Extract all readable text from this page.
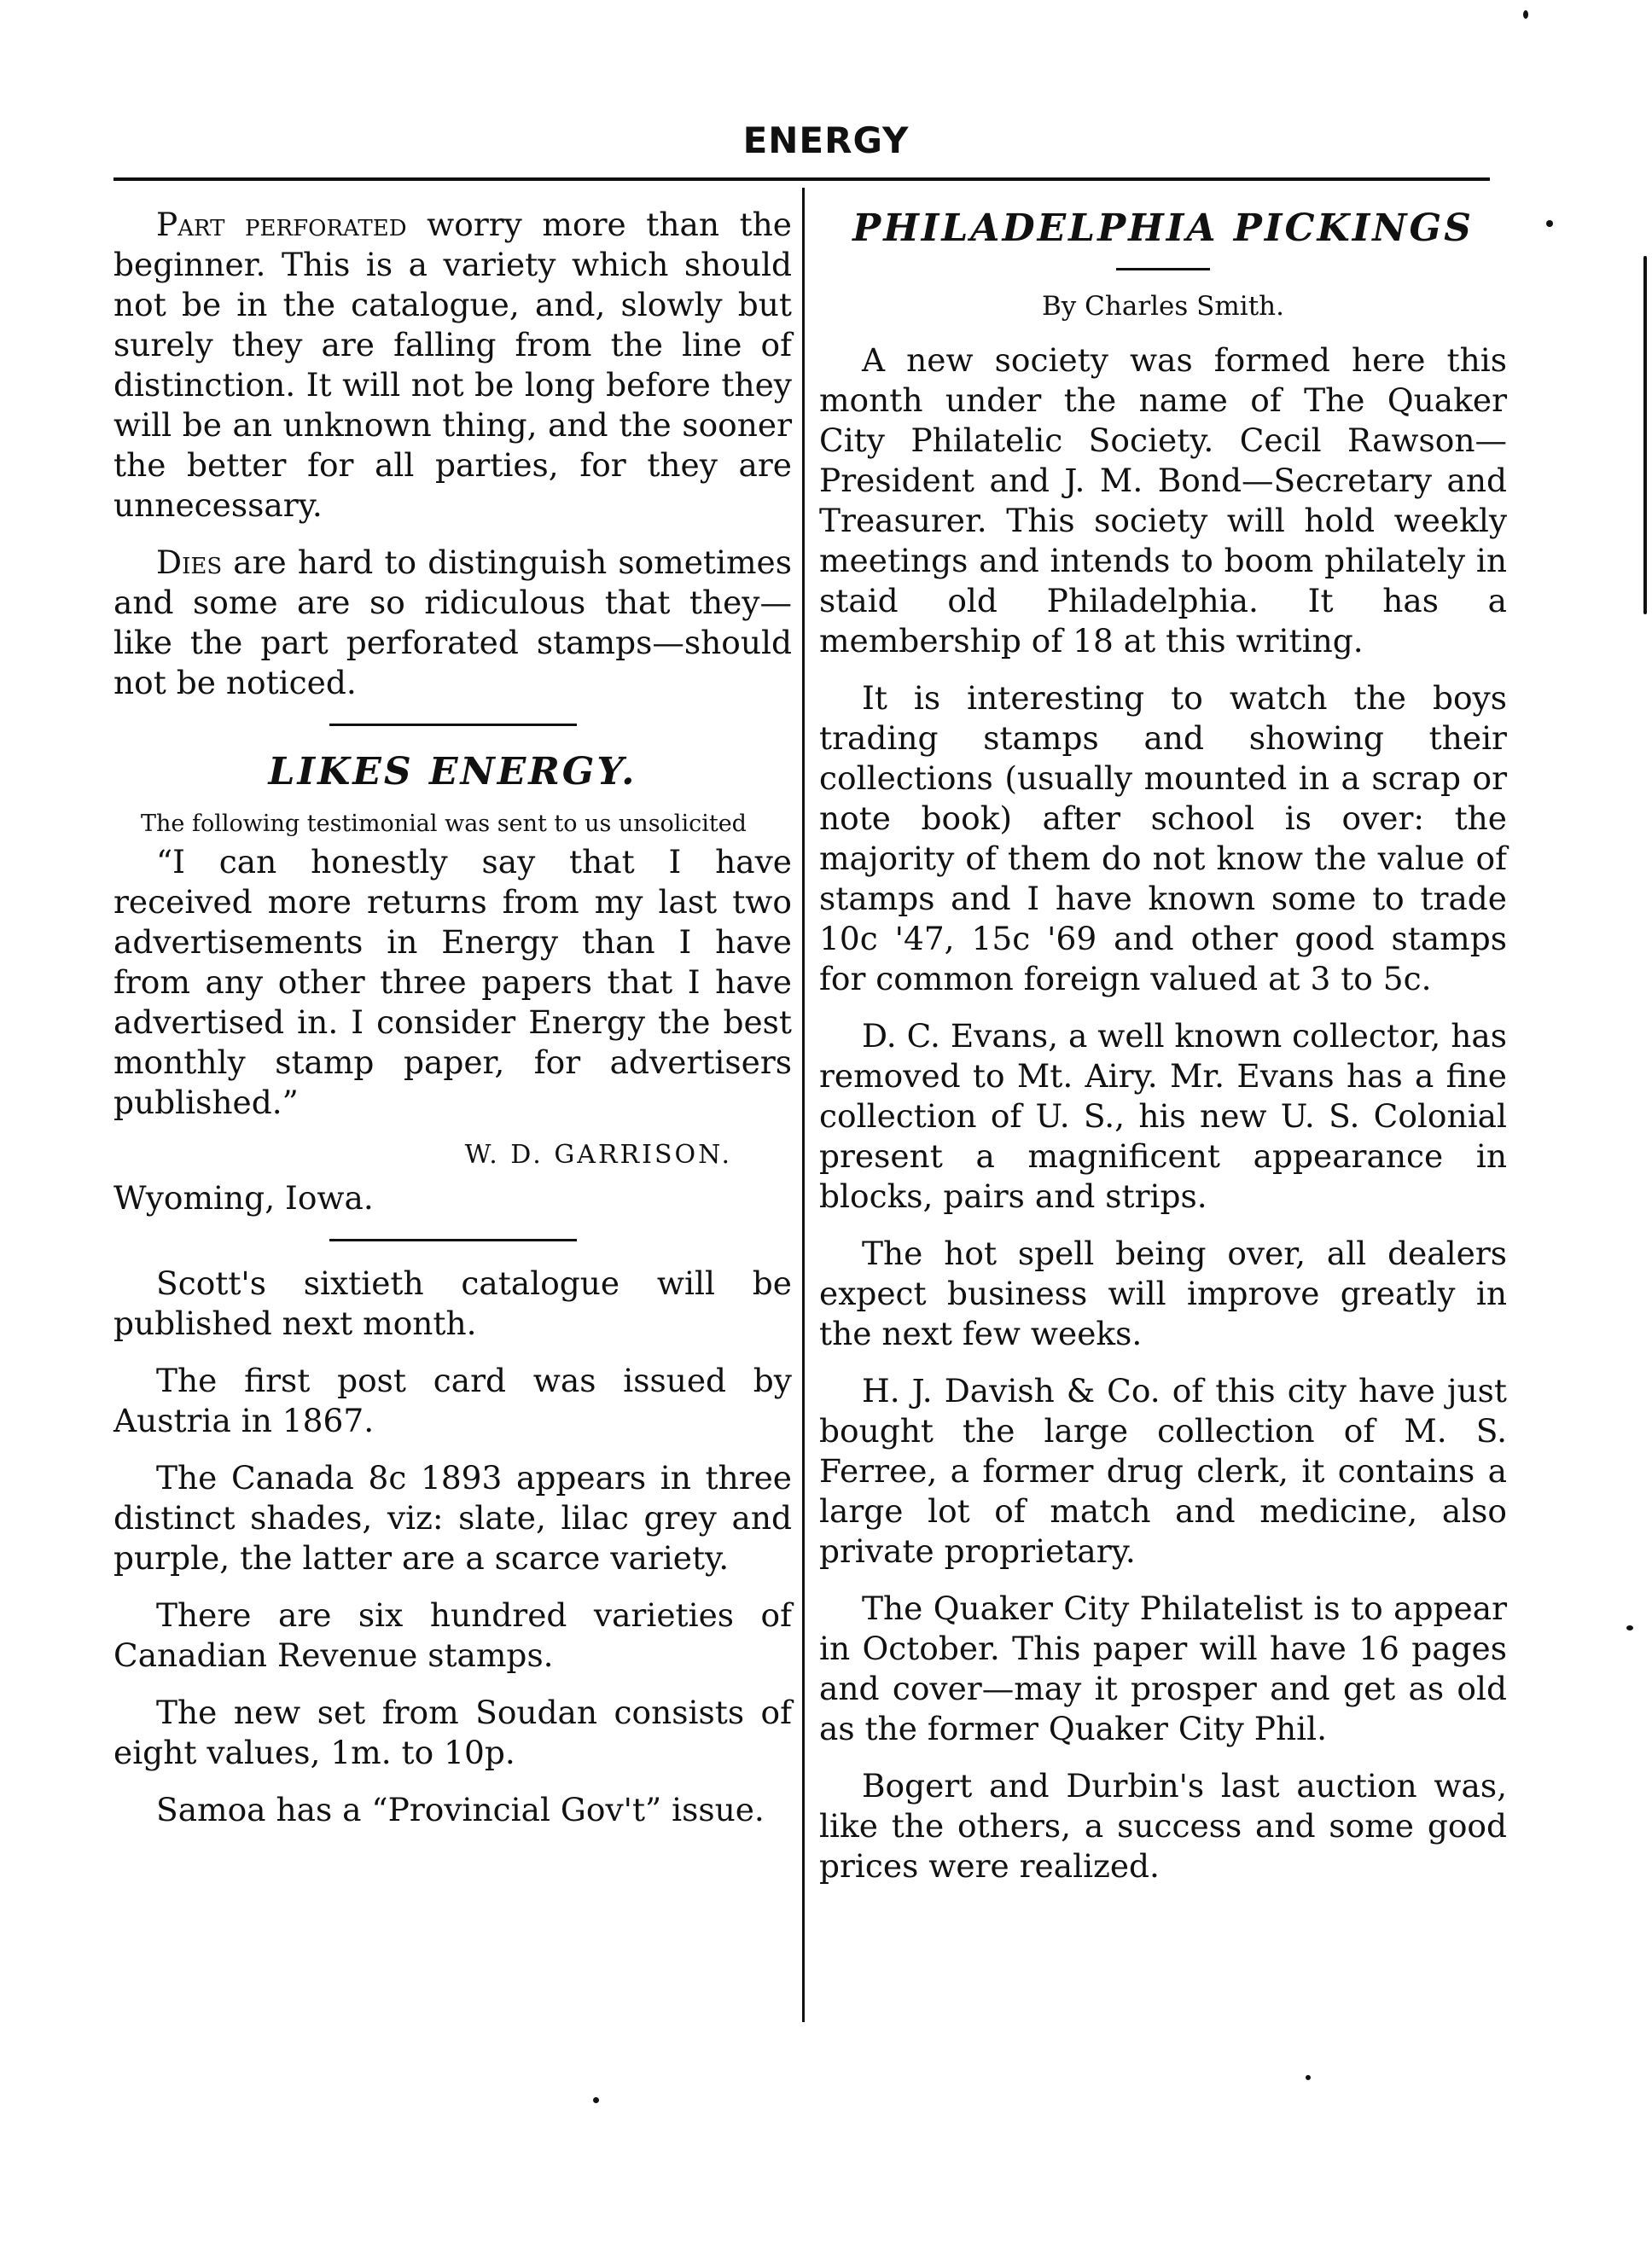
ENERGY

Part perforated worry more than the beginner. This is a variety which should not be in the catalogue, and, slowly but surely they are falling from the line of distinction. It will not be long before they will be an unknown thing, and the sooner the better for all parties, for they are unnecessary.

Dies are hard to distinguish sometimes and some are so ridiculous that they—like the part perforated stamps—should not be noticed.

LIKES ENERGY.
The following testimonial was sent to us unsolicited

“I can honestly say that I have received more returns from my last two advertisements in Energy than I have from any other three papers that I have advertised in. I consider Energy the best monthly stamp paper, for advertisers published.”

W. D. GARRISON.
Wyoming, Iowa.

Scott's sixtieth catalogue will be published next month.

The first post card was issued by Austria in 1867.

The Canada 8c 1893 appears in three distinct shades, viz: slate, lilac grey and purple, the latter are a scarce variety.

There are six hundred varieties of Canadian Revenue stamps.

The new set from Soudan consists of eight values, 1m. to 10p.

Samoa has a “Provincial Gov't” issue.

PHILADELPHIA PICKINGS
By Charles Smith.

A new society was formed here this month under the name of The Quaker City Philatelic Society. Cecil Rawson—President and J. M. Bond—Secretary and Treasurer. This society will hold weekly meetings and intends to boom philately in staid old Philadelphia. It has a membership of 18 at this writing.

It is interesting to watch the boys trading stamps and showing their collections (usually mounted in a scrap or note book) after school is over: the majority of them do not know the value of stamps and I have known some to trade 10c '47, 15c '69 and other good stamps for common foreign valued at 3 to 5c.

D. C. Evans, a well known collector, has removed to Mt. Airy. Mr. Evans has a fine collection of U. S., his new U. S. Colonial present a magnificent appearance in blocks, pairs and strips.

The hot spell being over, all dealers expect business will improve greatly in the next few weeks.

H. J. Davish & Co. of this city have just bought the large collection of M. S. Ferree, a former drug clerk, it contains a large lot of match and medicine, also private proprietary.

The Quaker City Philatelist is to appear in October. This paper will have 16 pages and cover—may it prosper and get as old as the former Quaker City Phil.

Bogert and Durbin's last auction was, like the others, a success and some good prices were realized.
